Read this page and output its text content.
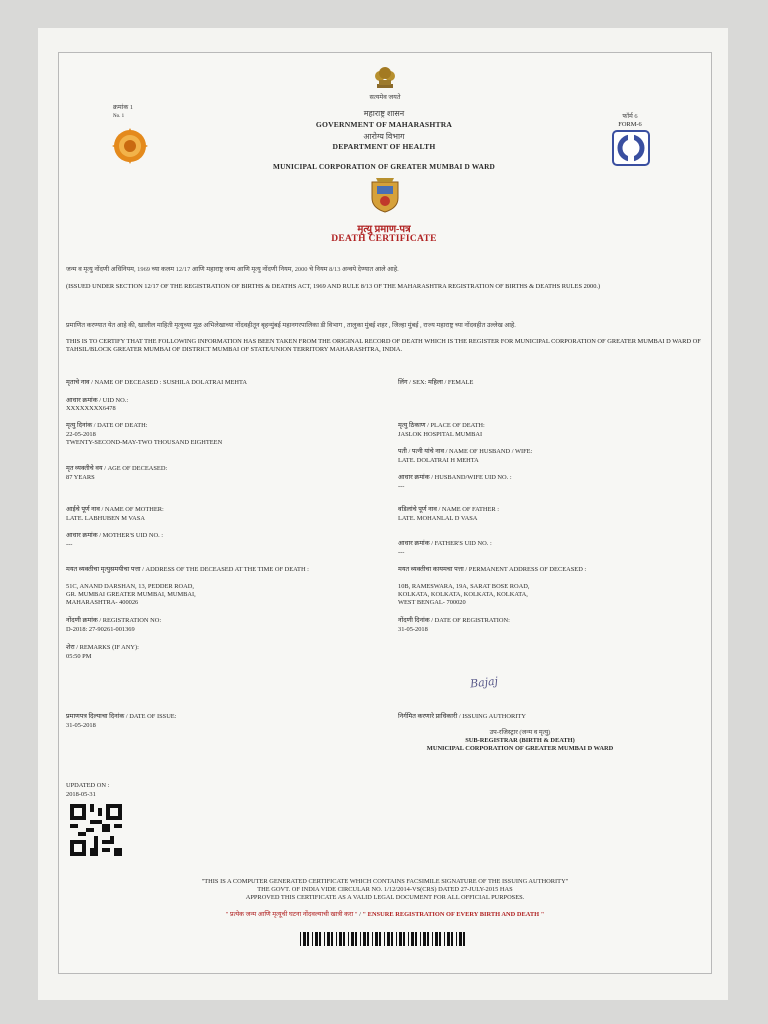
सत्यमेव जयते
क्रमांक 1
No. 1	महाराष्ट्र शासन
GOVERNMENT OF MAHARASHTRA
आरोग्य विभाग
DEPARTMENT OF HEALTH
फॉर्म 6
FORM-6
MUNICIPAL CORPORATION OF GREATER MUMBAI D WARD
मृत्यु प्रमाण-पत्र
DEATH CERTIFICATE
जन्म व मृत्यु नोंदणी अधिनियम, 1969 च्या कलम 12/17 आणि महाराष्ट्र जन्म आणि मृत्यु नोंदणी नियम, 2000 चे नियम 8/13 अन्वये देण्यात आले आहे.
(ISSUED UNDER SECTION 12/17 OF THE REGISTRATION OF BIRTHS & DEATHS ACT, 1969 AND RULE 8/13 OF THE MAHARASHTRA REGISTRATION OF BIRTHS & DEATHS RULES 2000.)
प्रमाणित करण्यात येत आहे की, खालील माहिती मृत्यूच्या मूळ अभिलेखाच्या नोंदवहीतून बृहन्मुंबई महानगरपालिका डी विभाग , तालुका मुंबई शहर , जिल्हा मुंबई , राज्य महाराष्ट्र च्या नोंदवहीत उल्लेख आहे.
THIS IS TO CERTIFY THAT THE FOLLOWING INFORMATION HAS BEEN TAKEN FROM THE ORIGINAL RECORD OF DEATH WHICH IS THE REGISTER FOR MUNICIPAL CORPORATION OF GREATER MUMBAI D WARD OF TAHSIL/BLOCK GREATER MUMBAI OF DISTRICT MUMBAI OF STATE/UNION TERRITORY MAHARASHTRA, INDIA.
मृताचे नाव / NAME OF DECEASED : SUSHILA DOLATRAI MEHTA
आधार क्रमांक / UID NO.:
XXXXXXXX6478
मृत्यु दिनांक / DATE OF DEATH:
22-05-2018
TWENTY-SECOND-MAY-TWO THOUSAND EIGHTEEN
मृत व्यक्तीचे वय / AGE OF DECEASED:
87 YEARS
आईचे पूर्ण नाव / NAME OF MOTHER:
LATE. LABHUBEN M VASA
आधार क्रमांक / MOTHER'S UID NO. :
---
मयत व्यक्तीचा मृत्युसमयीचा पत्ता / ADDRESS OF THE DECEASED AT THE TIME OF DEATH :
51C, ANAND DARSHAN, 13, PEDDER ROAD,
GR. MUMBAI GREATER MUMBAI, MUMBAI,
MAHARASHTRA- 400026
नोंदणी क्रमांक / REGISTRATION NO:
D-2018: 27-90261-001369
शेरा / REMARKS (IF ANY):
05:50 PM
प्रमाणपत्र दिल्याचा दिनांक / DATE OF ISSUE:
31-05-2018
लिंग / SEX: महिला / FEMALE
मृत्यु ठिकाण / PLACE OF DEATH:
JASLOK HOSPITAL MUMBAI
पती / पत्नी यांचे नाव / NAME OF HUSBAND / WIFE:
LATE. DOLATRAI H MEHTA
आधार क्रमांक / HUSBAND/WIFE UID NO. :
---
वडिलांचे पूर्ण नाव / NAME OF FATHER :
LATE. MOHANLAL D VASA
आधार क्रमांक / FATHER'S UID NO. :
---
मयत व्यक्तीचा कायमचा पत्ता / PERMANENT ADDRESS OF DECEASED :
10B, RAMESWARA, 19A, SARAT BOSE ROAD,
KOLKATA, KOLKATA, KOLKATA, KOLKATA,
WEST BENGAL- 700020
नोंदणी दिनांक / DATE OF REGISTRATION:
31-05-2018
Bajaj
निर्गमित करणारे प्राधिकारी / ISSUING AUTHORITY
उप-रजिस्ट्रार (जन्म व मृत्यु)
SUB-REGISTRAR (BIRTH & DEATH)
MUNICIPAL CORPORATION OF GREATER MUMBAI D WARD
UPDATED ON :
2018-05-31
"THIS IS A COMPUTER GENERATED CERTIFICATE WHICH CONTAINS FACSIMILE SIGNATURE OF THE ISSUING AUTHORITY"
THE GOVT. OF INDIA VIDE CIRCULAR NO. 1/12/2014-VS(CRS) DATED 27-JULY-2015 HAS
APPROVED THIS CERTIFICATE AS A VALID LEGAL DOCUMENT FOR ALL OFFICIAL PURPOSES.
" प्रत्येक जन्म आणि मृत्यूची घटना नोंदवल्याची खात्री करा " / " ENSURE REGISTRATION OF EVERY BIRTH AND DEATH "
